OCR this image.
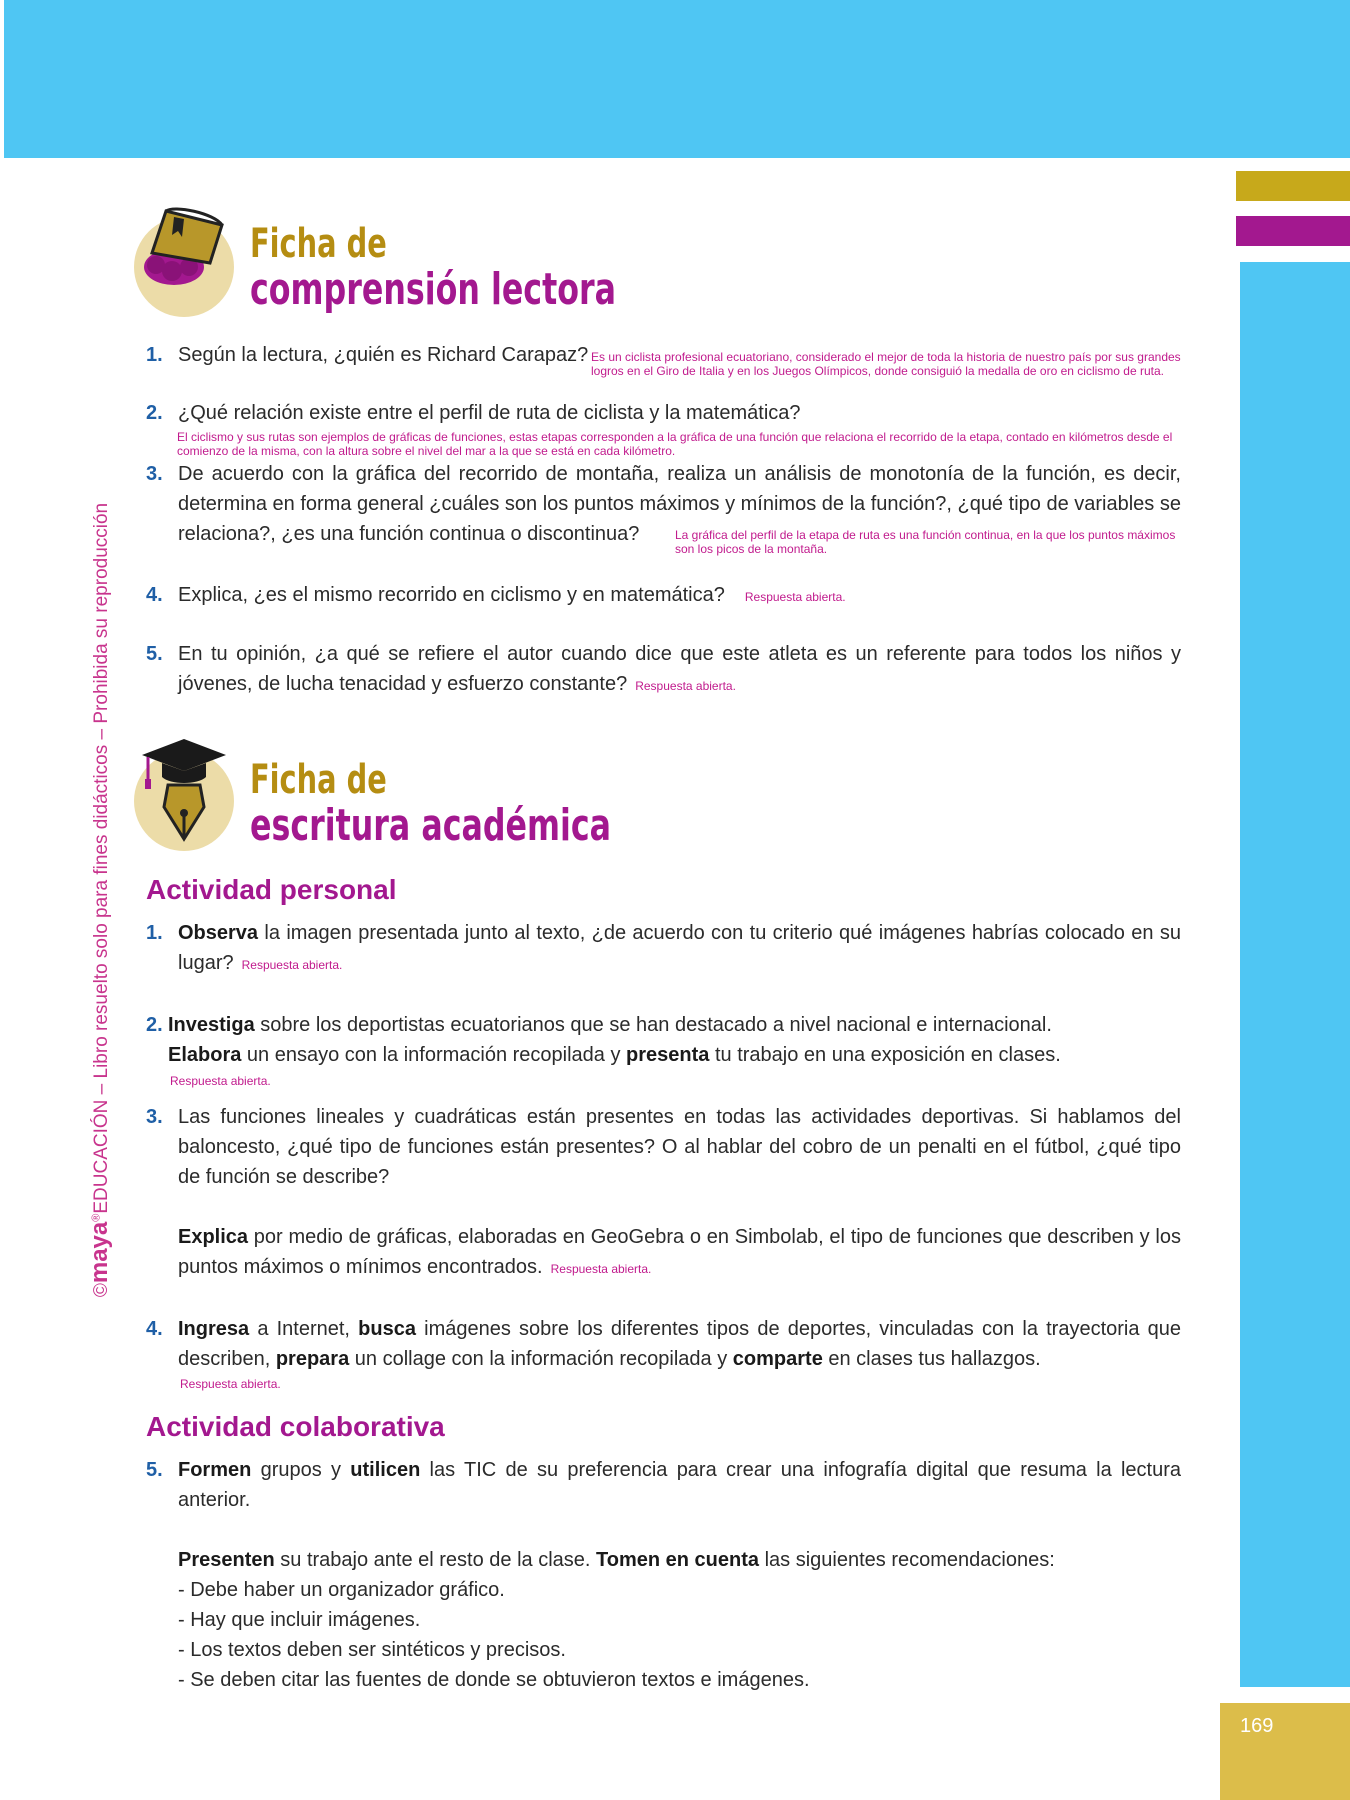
169
©maya®EDUCACIÓN – Libro resuelto solo para fines didácticos – Prohibida su reproducción
Ficha de
comprensión lectora
1. Según la lectura, ¿quién es Richard Carapaz? Es un ciclista profesional ecuatoriano, considerado el mejor de toda la historia de nuestro país por sus grandes logros en el Giro de Italia y en los Juegos Olímpicos, donde consiguió la medalla de oro en ciclismo de ruta.
2. ¿Qué relación existe entre el perfil de ruta de ciclista y la matemática?
El ciclismo y sus rutas son ejemplos de gráficas de funciones, estas etapas corresponden a la gráfica de una función que relaciona el recorrido de la etapa, contado en kilómetros desde el comienzo de la misma, con la altura sobre el nivel del mar a la que se está en cada kilómetro.
3. De acuerdo con la gráfica del recorrido de montaña, realiza un análisis de monotonía de la función, es decir, determina en forma general ¿cuáles son los puntos máximos y mínimos de la función?, ¿qué tipo de variables se relaciona?, ¿es una función continua o discontinua?	La gráfica del perfil de la etapa de ruta es una función continua, en la que los puntos máximos son los picos de la montaña.
4. Explica, ¿es el mismo recorrido en ciclismo y en matemática? Respuesta abierta.
5. En tu opinión, ¿a qué se refiere el autor cuando dice que este atleta es un referente para todos los niños y jóvenes, de lucha tenacidad y esfuerzo constante? Respuesta abierta.
Ficha de
escritura académica
Actividad personal
1. Observa la imagen presentada junto al texto, ¿de acuerdo con tu criterio qué imágenes habrías colocado en su lugar? Respuesta abierta.
2. Investiga sobre los deportistas ecuatorianos que se han destacado a nivel nacional e internacional.
Elabora un ensayo con la información recopilada y presenta tu trabajo en una exposición en clases.
Respuesta abierta.
3. Las funciones lineales y cuadráticas están presentes en todas las actividades deportivas. Si hablamos del baloncesto, ¿qué tipo de funciones están presentes? O al hablar del cobro de un penalti en el fútbol, ¿qué tipo de función se describe?
Explica por medio de gráficas, elaboradas en GeoGebra o en Simbolab, el tipo de funciones que describen y los puntos máximos o mínimos encontrados. Respuesta abierta.
4. Ingresa a Internet, busca imágenes sobre los diferentes tipos de deportes, vinculadas con la trayectoria que describen, prepara un collage con la información recopilada y comparte en clases tus hallazgos.
Respuesta abierta.
Actividad colaborativa
5. Formen grupos y utilicen las TIC de su preferencia para crear una infografía digital que resuma la lectura anterior.
Presenten su trabajo ante el resto de la clase. Tomen en cuenta las siguientes recomendaciones:
- Debe haber un organizador gráfico.
- Hay que incluir imágenes.
- Los textos deben ser sintéticos y precisos.
- Se deben citar las fuentes de donde se obtuvieron textos e imágenes.
